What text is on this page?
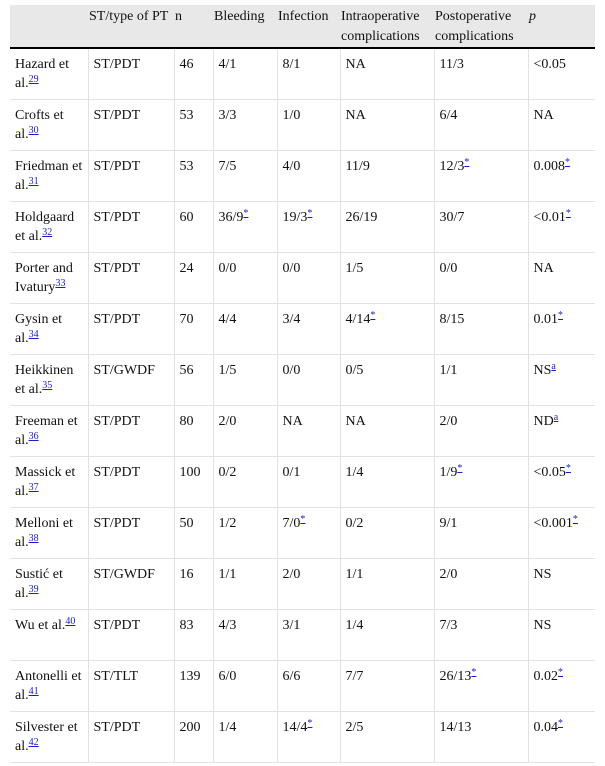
	ST/type of PT	n	Bleeding	Infection	Intraoperative complications	Postoperative complications	p
Hazard et al.$^{29}$	ST/PDT	46	4/1	8/1	NA	11/3	<0.05
Crofts et al.$^{30}$	ST/PDT	53	3/3	1/0	NA	6/4	NA
Friedman et al.$^{31}$	ST/PDT	53	7/5	4/0	11/9	12/3*	0.008*
Holdgaard et al.$^{32}$	ST/PDT	60	36/9*	19/3*	26/19	30/7	<0.01*
Porter and Ivatury$^{33}$	ST/PDT	24	0/0	0/0	1/5	0/0	NA
Gysin et al.$^{34}$	ST/PDT	70	4/4	3/4	4/14*	8/15	0.01*
Heikkinen et al.$^{35}$	ST/GWDF	56	1/5	0/0	0/5	1/1	$NS^a$
Freeman et al.$^{36}$	ST/PDT	80	2/0	NA	NA	2/0	$ND^a$
Massick et al.$^{37}$	ST/PDT	100	0/2	0/1	1/4	1/9*	<0.05*
Melloni et al.$^{38}$	ST/PDT	50	1/2	7/0*	0/2	9/1	<0.001*
Sustić et al.$^{39}$	ST/GWDF	16	1/1	2/0	1/1	2/0	NS
Wu et al.$^{40}$	ST/PDT	83	4/3	3/1	1/4	7/3	NS
Antonelli et al.$^{41}$	ST/TLT	139	6/0	6/6	7/7	26/13*	0.02*
Silvester et al.$^{42}$	ST/PDT	200	1/4	14/4*	2/5	14/13	0.04*
